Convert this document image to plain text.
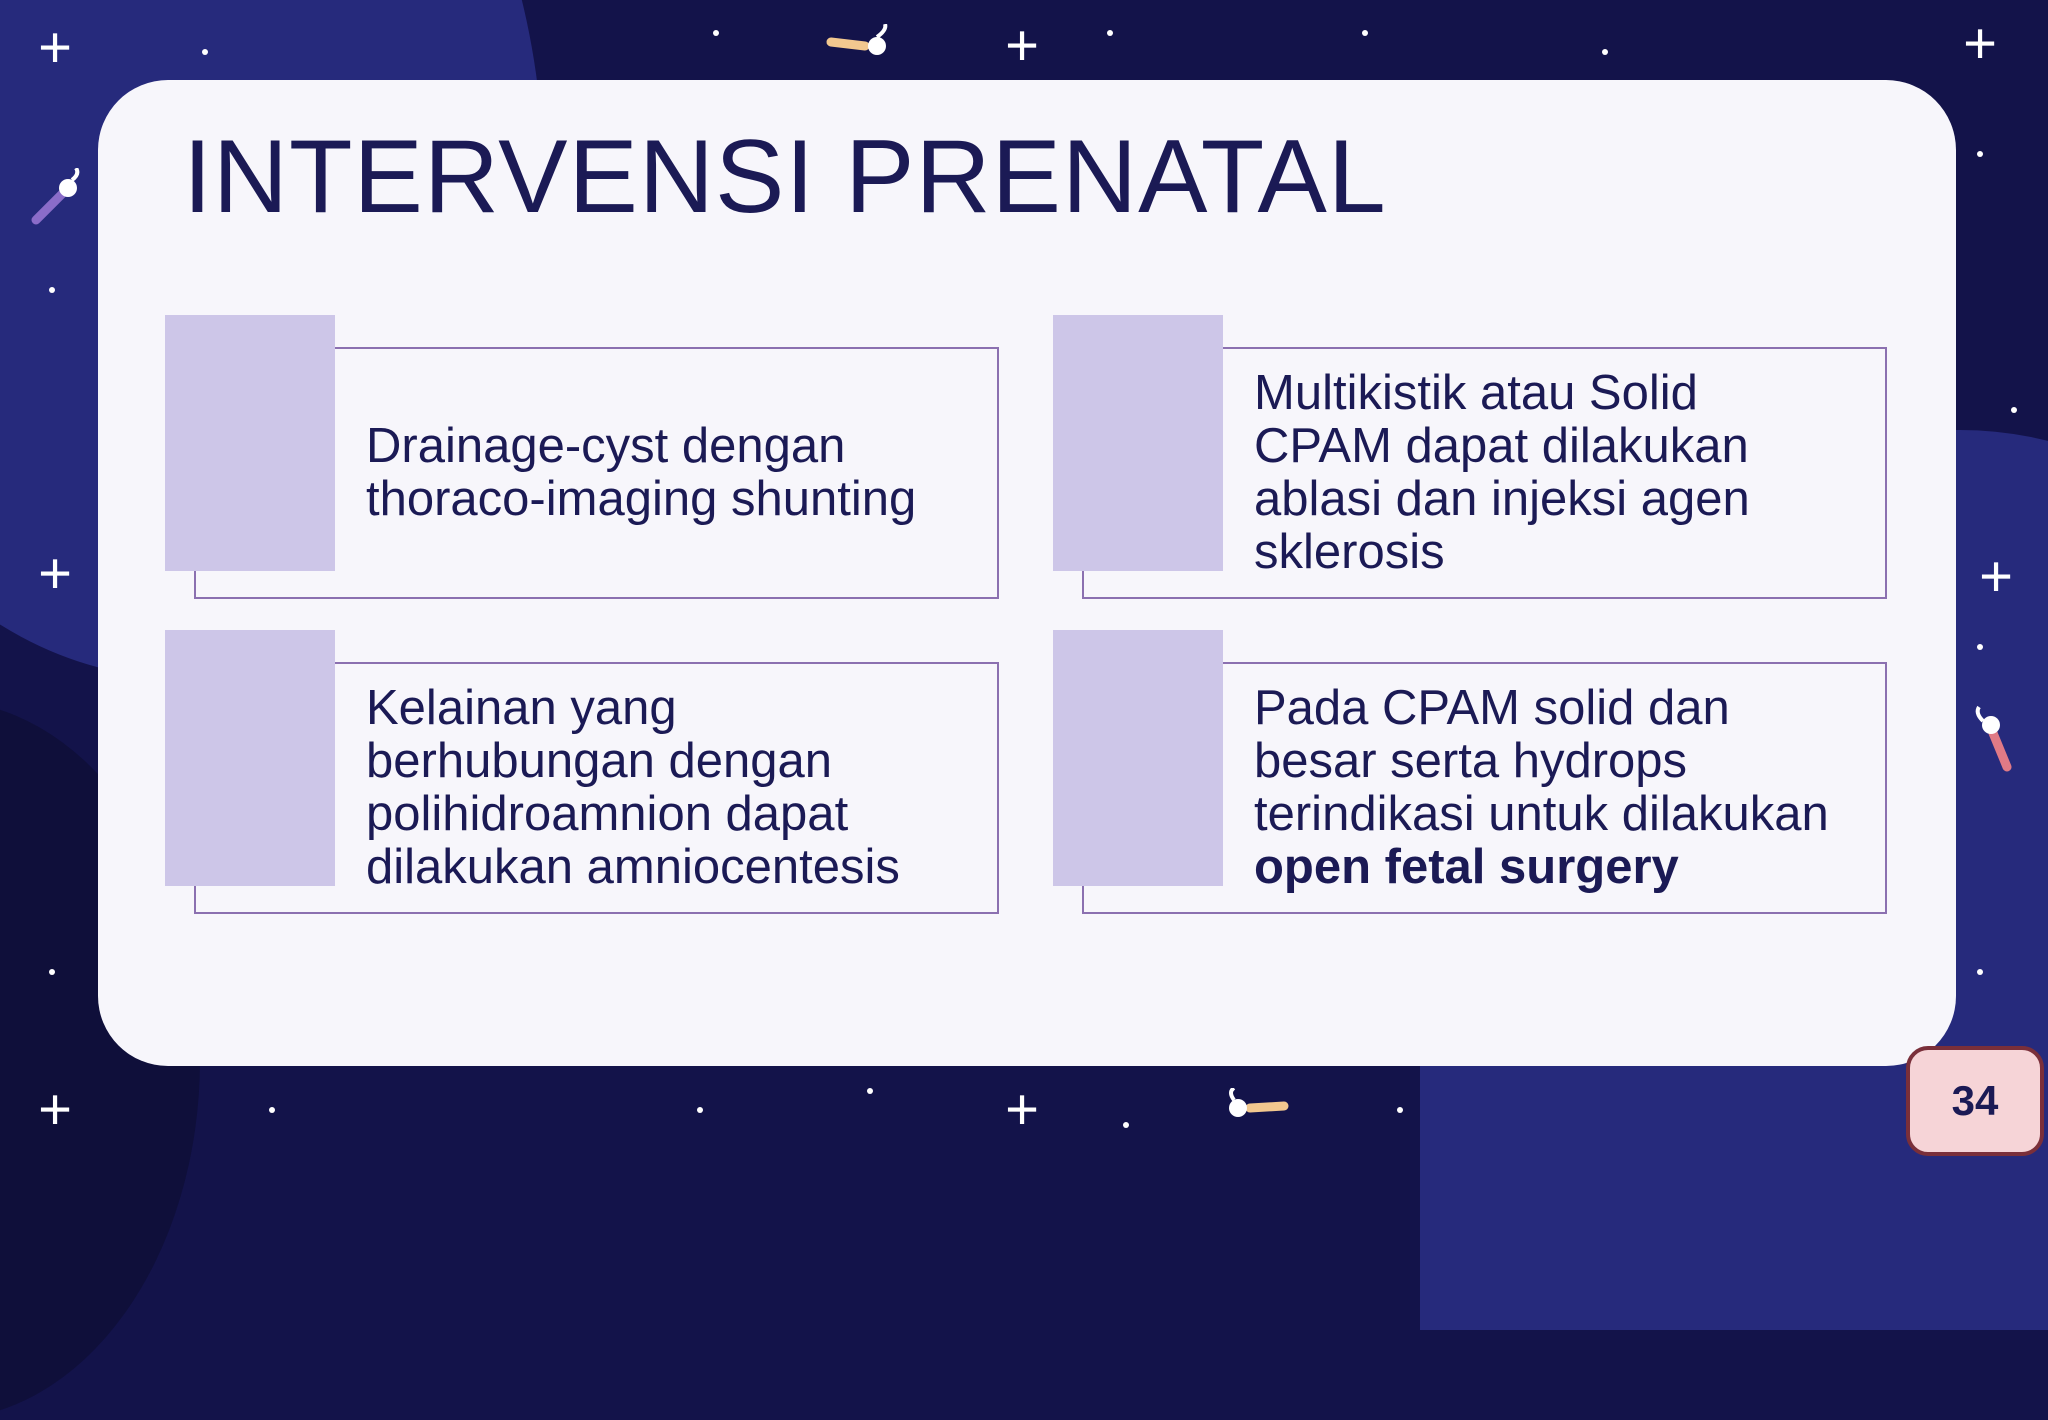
+	+	+
+	+
+	+
INTERVENSI PRENATAL
Drainage-cyst dengan
thoraco-imaging shunting
Multikistik atau Solid
CPAM dapat dilakukan
ablasi dan injeksi agen
sklerosis
Kelainan yang
berhubungan dengan
polihidroamnion dapat
dilakukan amniocentesis
Pada CPAM solid dan
besar serta hydrops
terindikasi untuk dilakukan
open fetal surgery
34
